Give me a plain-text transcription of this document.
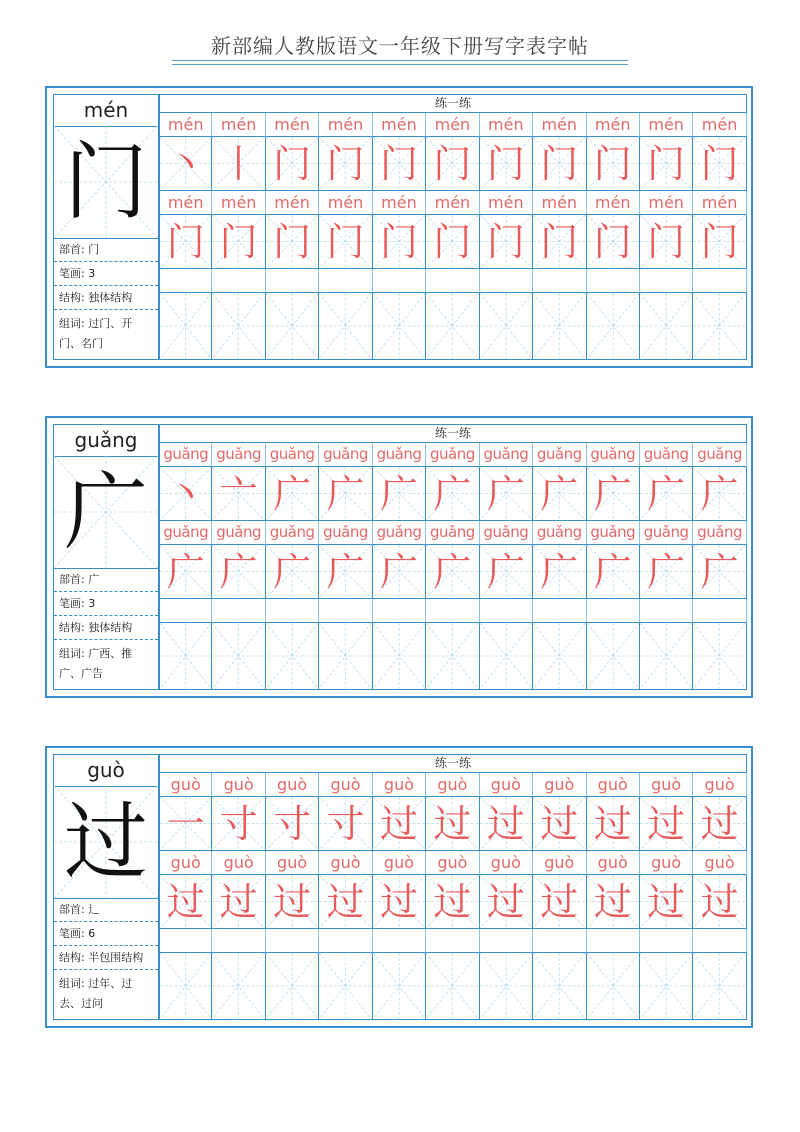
新部编人教版语文一年级下册写字表字帖
mén
门
部首: 门
笔画: 3
结构: 独体结构
组词: 过门、开
门、名门
练一练
mén	mén	mén	mén	mén	mén	mén	mén	mén	mén	mén
丶 丨 门 门 门 门 门 门 门 门 门
mén	mén	mén	mén	mén	mén	mén	mén	mén	mén	mén
门 门 门 门 门 门 门 门 门 门 门
guǎng
广
部首: 广
笔画: 3
结构: 独体结构
组词: 广西、推
广、广告
练一练
guǎng guǎng guǎng guǎng guǎng guǎng guǎng guǎng guǎng guǎng guǎng
丶 亠 广 广 广 广 广 广 广 广 广
guǎng guǎng guǎng guǎng guǎng guǎng guǎng guǎng guǎng guǎng guǎng
广 广 广 广 广 广 广 广 广 广 广
guò
过
部首: 辶
笔画: 6
结构: 半包围结构
组词: 过年、过
去、过问
练一练
guò	guò	guò	guò	guò	guò	guò	guò	guò	guò	guò
一 寸 寸 寸 过 过 过 过 过 过 过
guò	guò	guò	guò	guò	guò	guò	guò	guò	guò	guò
过 过 过 过 过 过 过 过 过 过 过
